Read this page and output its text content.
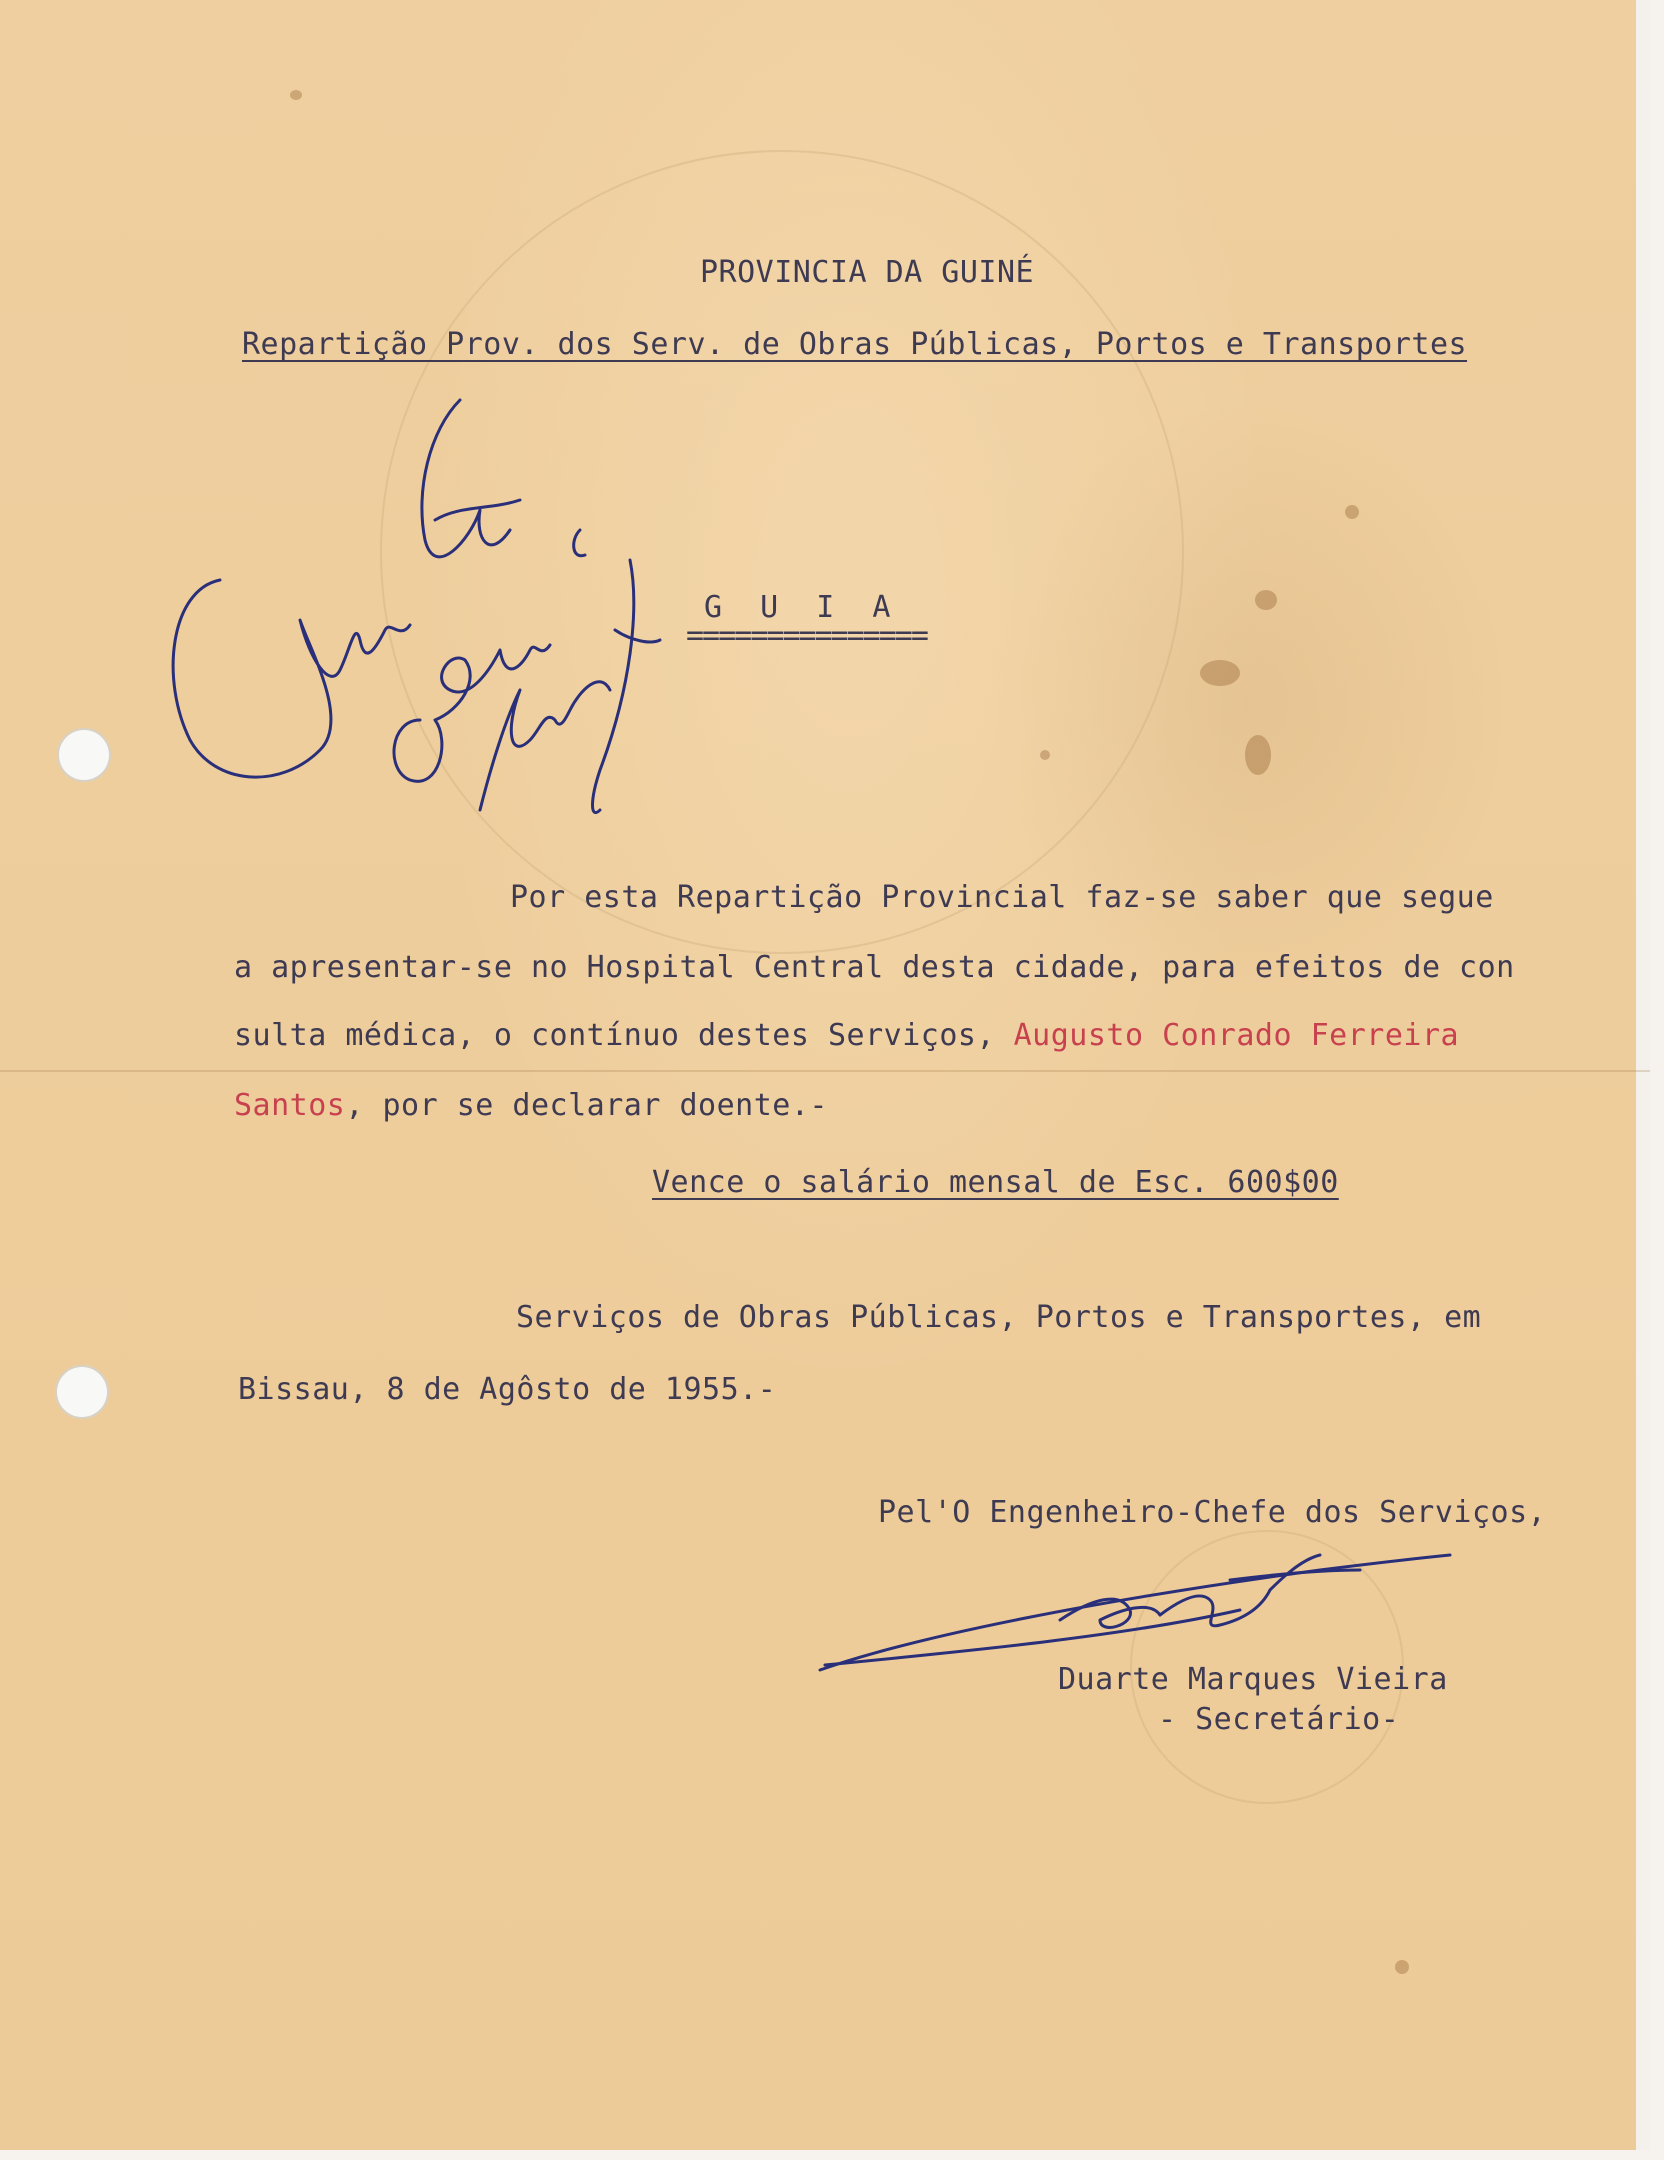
PROVINCIA DA GUINÉ

Repartição Prov. dos Serv. de Obras Públicas, Portos e Transportes

G U I A

===============

Por esta Repartição Provincial faz-se saber que segue

a apresentar-se no Hospital Central desta cidade, para efeitos de con

sulta médica, o contínuo destes Serviços, Augusto Conrado Ferreira

Santos, por se declarar doente.-

Vence o salário mensal de Esc. 600$00

Serviços de Obras Públicas, Portos e Transportes, em

Bissau, 8 de Agôsto de 1955.-

Pel'O Engenheiro-Chefe dos Serviços,

Duarte Marques Vieira

- Secretário-
